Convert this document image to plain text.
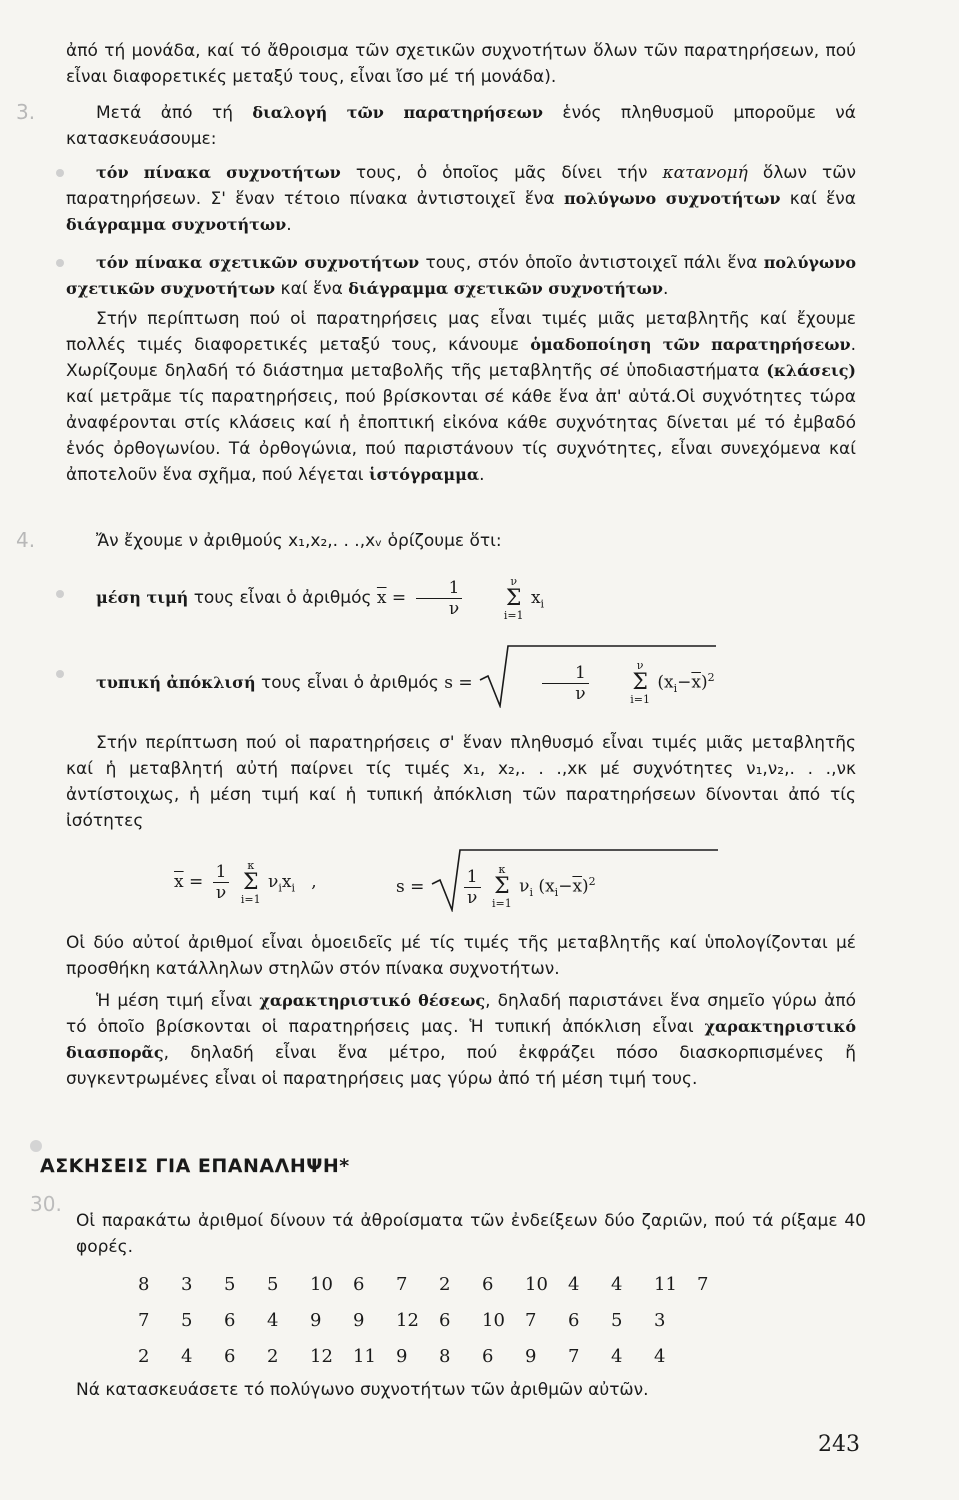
ἀπό τή μονάδα, καί τό ἄθροισμα τῶν σχετικῶν συχνοτήτων ὅλων τῶν παρατηρήσεων, πού εἶναι διαφορετικές μεταξύ τους, εἶναι ἴσο μέ τή μονάδα).

3.	Μετά ἀπό τή διαλογή τῶν παρατηρήσεων ἑνός πληθυσμοῦ μποροῦμε νά κατασκευάσουμε:

τόν πίνακα συχνοτήτων τους, ὁ ὁποῖος μᾶς δίνει τήν κατανομή ὅλων τῶν παρατηρήσεων. Σ' ἕναν τέτοιο πίνακα ἀντιστοιχεῖ ἕνα πολύγωνο συχνοτήτων καί ἕνα διάγραμμα συχνοτήτων.

τόν πίνακα σχετικῶν συχνοτήτων τους, στόν ὁποῖο ἀντιστοιχεῖ πάλι ἕνα πολύγωνο σχετικῶν συχνοτήτων καί ἕνα διάγραμμα σχετικῶν συχνοτήτων.

Στήν περίπτωση πού οἱ παρατηρήσεις μας εἶναι τιμές μιᾶς μεταβλητῆς καί ἔχουμε πολλές τιμές διαφορετικές μεταξύ τους, κάνουμε ὁμαδοποίηση τῶν παρατηρήσεων. Χωρίζουμε δηλαδή τό διάστημα μεταβολῆς τῆς μεταβλητῆς σέ ὑποδιαστήματα (κλάσεις) καί μετρᾶμε τίς παρατηρήσεις, πού βρίσκονται σέ κάθε ἕνα ἀπ' αὐτά.Οἱ συχνότητες τώρα ἀναφέρονται στίς κλάσεις καί ἡ ἐποπτική εἰκόνα κάθε συχνότητας δίνεται μέ τό ἐμβαδό ἑνός ὀρθογωνίου. Τά ὀρθογώνια, πού παριστάνουν τίς συχνότητες, εἶναι συνεχόμενα καί ἀποτελοῦν ἕνα σχῆμα, πού λέγεται ἱστόγραμμα.

4.	Ἄν ἔχουμε ν ἀριθμούς x₁,x₂,. . .,xᵥ ὁρίζουμε ὅτι:

μέση τιμή τους εἶναι ὁ ἀριθμός $\overline{x} = \frac{1}{\nu}$
	ν
Σ
i=1
$x_i$

τυπική ἀπόκλισή τους εἶναι ὁ ἀριθμός s =	$\frac{1}{\nu}$
	ν
Σ
i=1
$(x_i-\overline{x})^2$

Στήν περίπτωση πού οἱ παρατηρήσεις σ' ἕναν πληθυσμό εἶναι τιμές μιᾶς μεταβλητῆς καί ἡ μεταβλητή αὐτή παίρνει τίς τιμές x₁, x₂,. . .,xκ μέ συχνότητες ν₁,ν₂,. . .,νκ ἀντίστοιχως, ἡ μέση τιμή καί ἡ τυπική ἀπόκλιση τῶν παρατηρήσεων δίνονται ἀπό τίς ἰσότητες

$\overline{x} = \frac{1}{\nu}$
	κ
Σ
i=1
$\nu_ix_i$   ,	$s = \frac{1}{\nu}$
	κ
Σ
i=1
$\nu_i$ $(x_i-\overline{x})^2$

Οἱ δύο αὐτοί ἀριθμοί εἶναι ὁμοειδεῖς μέ τίς τιμές τῆς μεταβλητῆς καί ὑπολογίζονται μέ προσθήκη κατάλληλων στηλῶν στόν πίνακα συχνοτήτων.

Ἡ μέση τιμή εἶναι χαρακτηριστικό θέσεως, δηλαδή παριστάνει ἕνα σημεῖο γύρω ἀπό τό ὁποῖο βρίσκονται οἱ παρατηρήσεις μας. Ἡ τυπική ἀπόκλιση εἶναι χαρακτηριστικό διασπορᾶς, δηλαδή εἶναι ἕνα μέτρο, πού ἐκφράζει πόσο διασκορπισμένες ἤ συγκεντρωμένες εἶναι οἱ παρατηρήσεις μας γύρω ἀπό τή μέση τιμή τους.

ΑΣΚΗΣΕΙΣ ΓΙΑ ΕΠΑΝΑΛΗΨΗ*
30.

Οἱ παρακάτω ἀριθμοί δίνουν τά ἀθροίσματα τῶν ἐνδείξεων δύο ζαριῶν, πού τά ρίξαμε 40 φορές.

8	3	5	5	10	6	7	2	6	10	4	4	11	7
7	5	6	4	9	9	12	6	10	7	6	5	3	
2	4	6	2	12	11	9	8	6	9	7	4	4	

Νά κατασκευάσετε τό πολύγωνο συχνοτήτων τῶν ἀριθμῶν αὐτῶν.

243
